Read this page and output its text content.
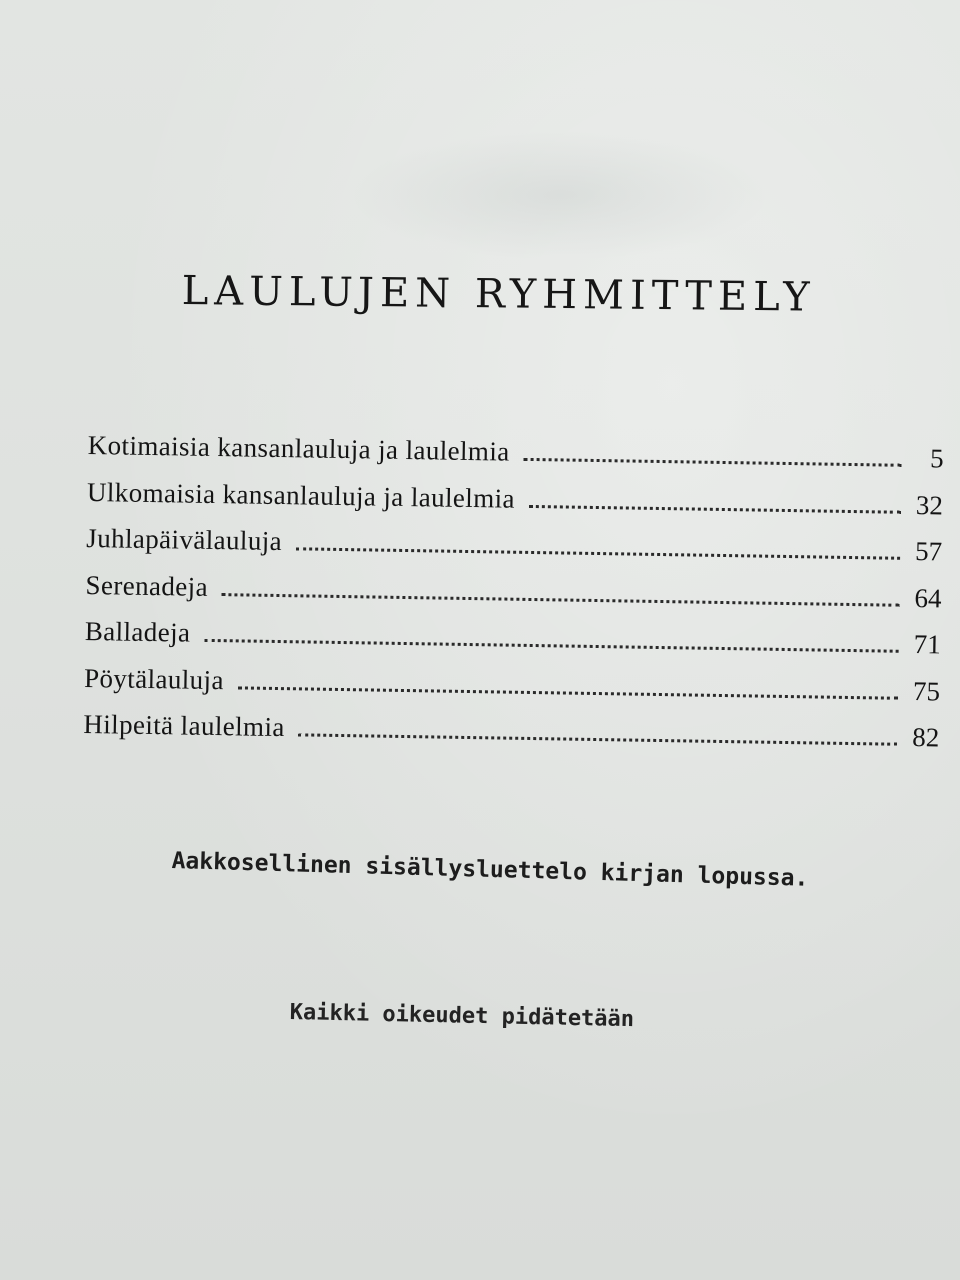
LAULUJEN RYHMITTELY
Kotimaisia kansanlauluja ja laulelmia	5
Ulkomaisia kansanlauluja ja laulelmia	32
Juhlapäivälauluja	57
Serenadeja	64
Balladeja	71
Pöytälauluja	75
Hilpeitä laulelmia	82
Aakkosellinen sisällysluettelo kirjan lopussa.
Kaikki oikeudet pidätetään
